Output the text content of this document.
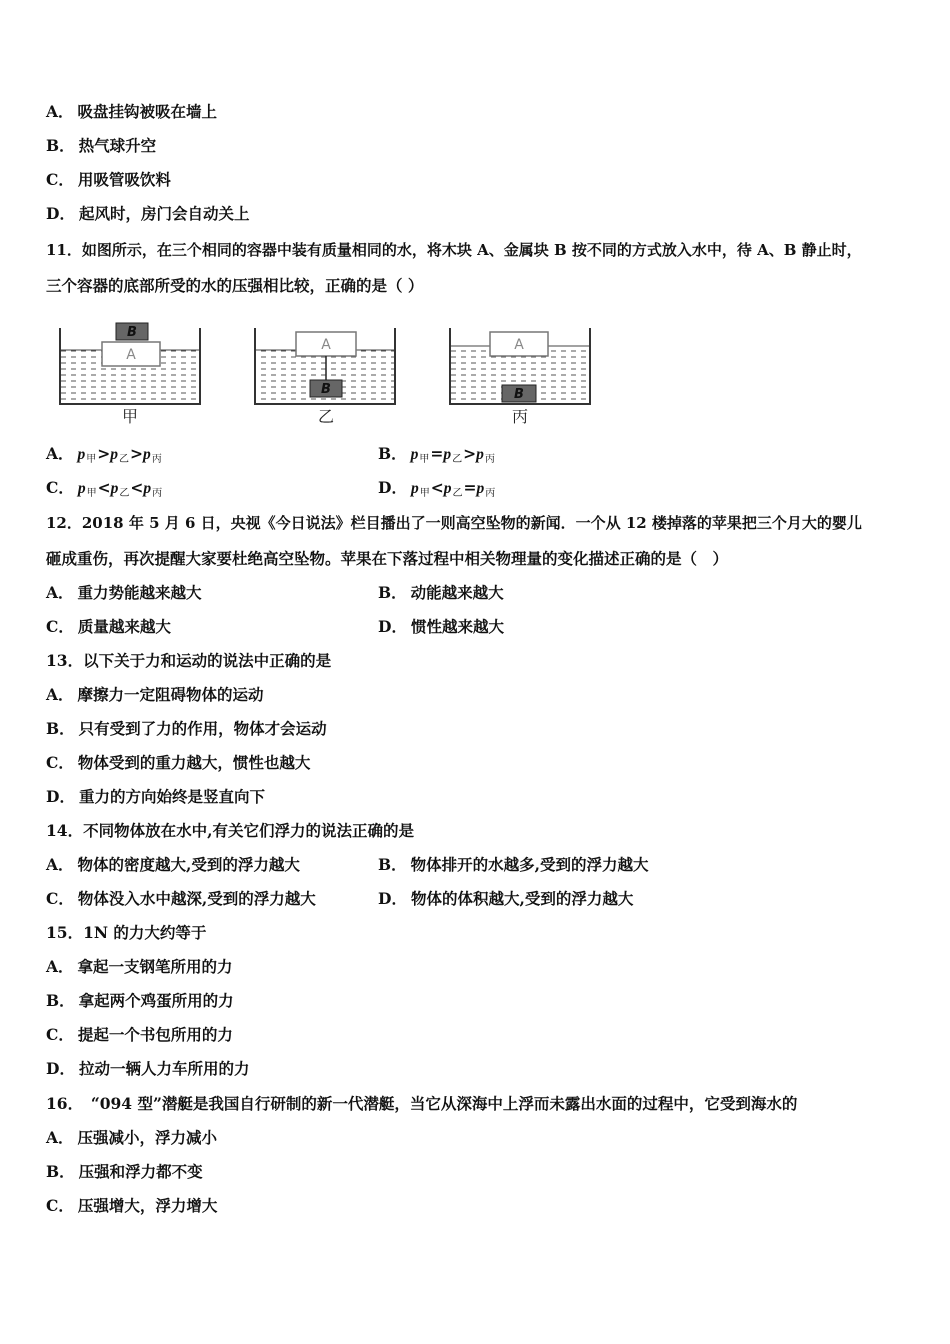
A． 吸盘挂钩被吸在墙上
B． 热气球升空
C． 用吸管吸饮料
D． 起风时，房门会自动关上
11．如图所示，在三个相同的容器中装有质量相同的水，将木块 A、金属块 B 按不同的方式放入水中，待 A、B 静止时，
三个容器的底部所受的水的压强相比较，正确的是（ ）
A
B
甲
A
B
乙
A
B
丙
A． $p_甲>p_乙>p_丙$	B． $p_甲=p_乙>p_丙$
C． $p_甲<p_乙<p_丙$	D． $p_甲<p_乙=p_丙$
12．2018 年 5 月 6 日，央视《今日说法》栏目播出了一则高空坠物的新闻．一个从 12 楼掉落的苹果把三个月大的婴儿
砸成重伤，再次提醒大家要杜绝高空坠物。苹果在下落过程中相关物理量的变化描述正确的是（　）
A． 重力势能越来越大	B． 动能越来越大
C． 质量越来越大	D． 惯性越来越大
13．以下关于力和运动的说法中正确的是
A． 摩擦力一定阻碍物体的运动
B． 只有受到了力的作用，物体才会运动
C． 物体受到的重力越大，惯性也越大
D． 重力的方向始终是竖直向下
14．不同物体放在水中,有关它们浮力的说法正确的是
A． 物体的密度越大,受到的浮力越大	B． 物体排开的水越多,受到的浮力越大
C． 物体没入水中越深,受到的浮力越大	D． 物体的体积越大,受到的浮力越大
15．1N 的力大约等于
A． 拿起一支钢笔所用的力
B． 拿起两个鸡蛋所用的力
C． 提起一个书包所用的力
D． 拉动一辆人力车所用的力
16．　“094 型”潜艇是我国自行研制的新一代潜艇，当它从深海中上浮而未露出水面的过程中，它受到海水的
A． 压强减小，浮力减小
B． 压强和浮力都不变
C． 压强增大，浮力增大
